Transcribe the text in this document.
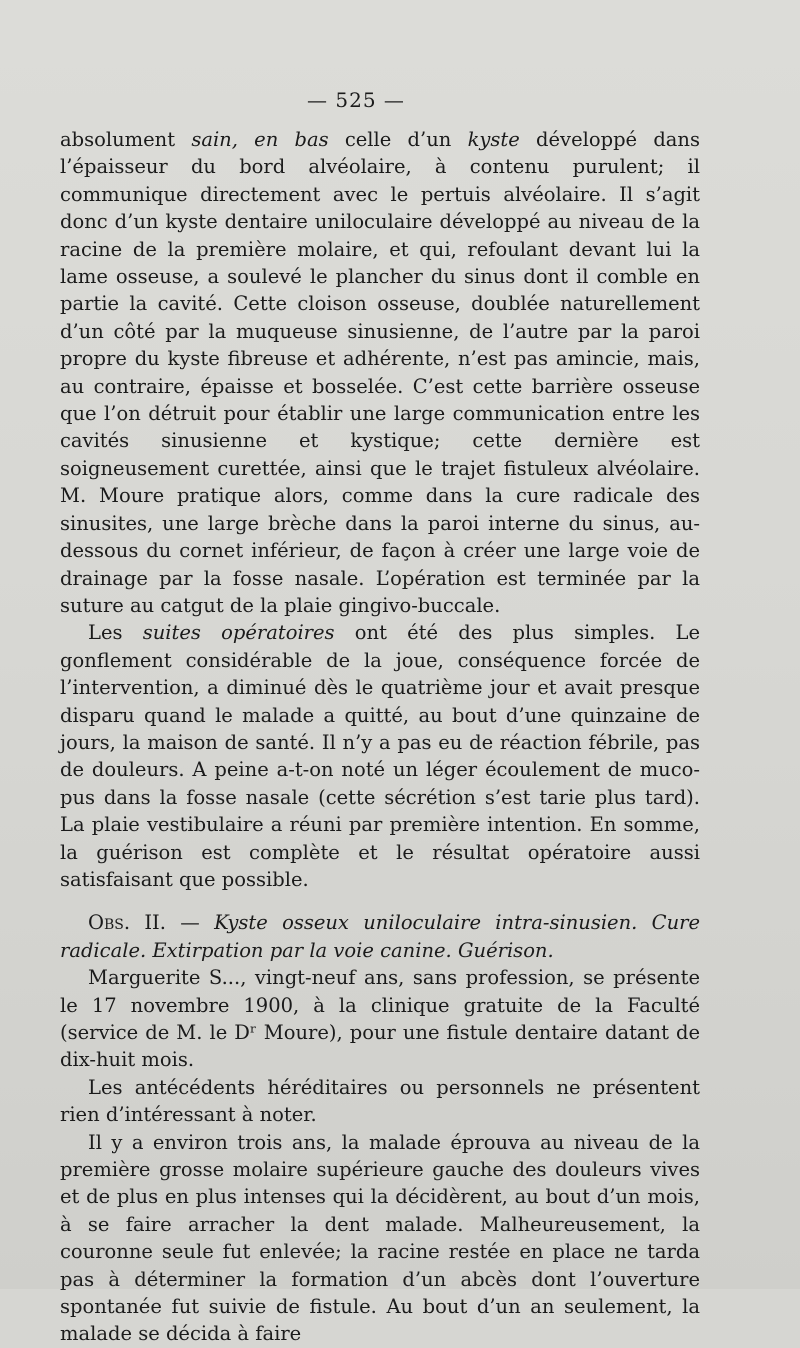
— 525 —

absolument sain, en bas celle d’un kyste développé dans l’épaisseur du bord alvéolaire, à contenu purulent; il communique directement avec le pertuis alvéolaire. Il s’agit donc d’un kyste dentaire uniloculaire développé au niveau de la racine de la première molaire, et qui, refoulant devant lui la lame osseuse, a soulevé le plancher du sinus dont il comble en partie la cavité. Cette cloison osseuse, doublée naturellement d’un côté par la muqueuse sinusienne, de l’autre par la paroi propre du kyste fibreuse et adhérente, n’est pas amincie, mais, au contraire, épaisse et bosselée. C’est cette barrière osseuse que l’on détruit pour établir une large communication entre les cavités sinusienne et kystique; cette dernière est soigneusement curettée, ainsi que le trajet fistuleux alvéolaire. M. Moure pratique alors, comme dans la cure radicale des sinusites, une large brèche dans la paroi interne du sinus, au-dessous du cornet inférieur, de façon à créer une large voie de drainage par la fosse nasale. L’opération est terminée par la suture au catgut de la plaie gingivo-buccale.

Les suites opératoires ont été des plus simples. Le gonflement considérable de la joue, conséquence forcée de l’intervention, a diminué dès le quatrième jour et avait presque disparu quand le malade a quitté, au bout d’une quinzaine de jours, la maison de santé. Il n’y a pas eu de réaction fébrile, pas de douleurs. A peine a-t-on noté un léger écoulement de muco-pus dans la fosse nasale (cette sécrétion s’est tarie plus tard). La plaie vestibulaire a réuni par première intention. En somme, la guérison est complète et le résultat opératoire aussi satisfaisant que possible.

Obs. II. — Kyste osseux uniloculaire intra-sinusien. Cure radicale. Extirpation par la voie canine. Guérison.

Marguerite S..., vingt-neuf ans, sans profession, se présente le 17 novembre 1900, à la clinique gratuite de la Faculté (service de M. le Dʳ Moure), pour une fistule dentaire datant de dix-huit mois.

Les antécédents héréditaires ou personnels ne présentent rien d’intéressant à noter.

Il y a environ trois ans, la malade éprouva au niveau de la première grosse molaire supérieure gauche des douleurs vives et de plus en plus intenses qui la décidèrent, au bout d’un mois, à se faire arracher la dent malade. Malheureusement, la couronne seule fut enlevée; la racine restée en place ne tarda pas à déterminer la formation d’un abcès dont l’ouverture spontanée fut suivie de fistule. Au bout d’un an seulement, la malade se décida à faire
